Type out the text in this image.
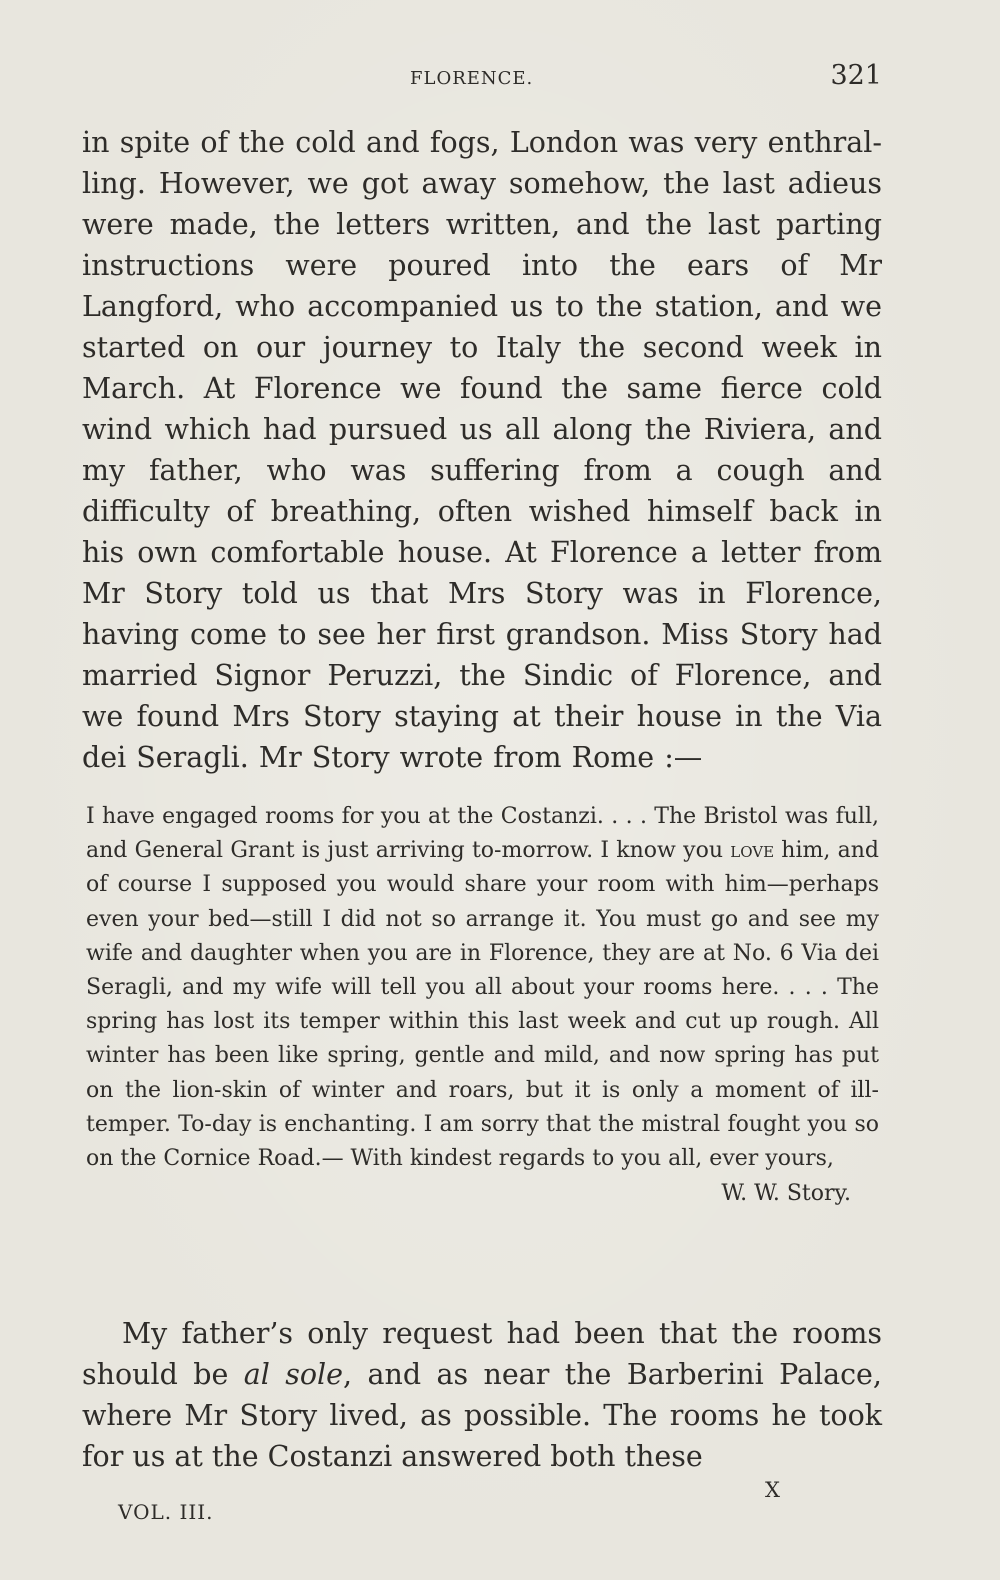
FLORENCE.	321

in spite of the cold and fogs, London was very enthral-ling. However, we got away somehow, the last adieus were made, the letters written, and the last parting instructions were poured into the ears of Mr Langford, who accompanied us to the station, and we started on our journey to Italy the second week in March. At Florence we found the same fierce cold wind which had pursued us all along the Riviera, and my father, who was suffering from a cough and difficulty of breathing, often wished himself back in his own comfortable house. At Florence a letter from Mr Story told us that Mrs Story was in Florence, having come to see her first grandson. Miss Story had married Signor Peruzzi, the Sindic of Florence, and we found Mrs Story staying at their house in the Via dei Seragli. Mr Story wrote from Rome :—

I have engaged rooms for you at the Costanzi. . . . The Bristol was full, and General Grant is just arriving to-morrow. I know you love him, and of course I supposed you would share your room with him—perhaps even your bed—still I did not so arrange it. You must go and see my wife and daughter when you are in Florence, they are at No. 6 Via dei Seragli, and my wife will tell you all about your rooms here. . . . The spring has lost its temper within this last week and cut up rough. All winter has been like spring, gentle and mild, and now spring has put on the lion-skin of winter and roars, but it is only a moment of ill-temper. To-day is enchanting. I am sorry that the mistral fought you so on the Cornice Road.— With kindest regards to you all, ever yours,
W. W. Story.

My father’s only request had been that the rooms should be al sole, and as near the Barberini Palace, where Mr Story lived, as possible. The rooms he took for us at the Costanzi answered both these

VOL. III.
X
